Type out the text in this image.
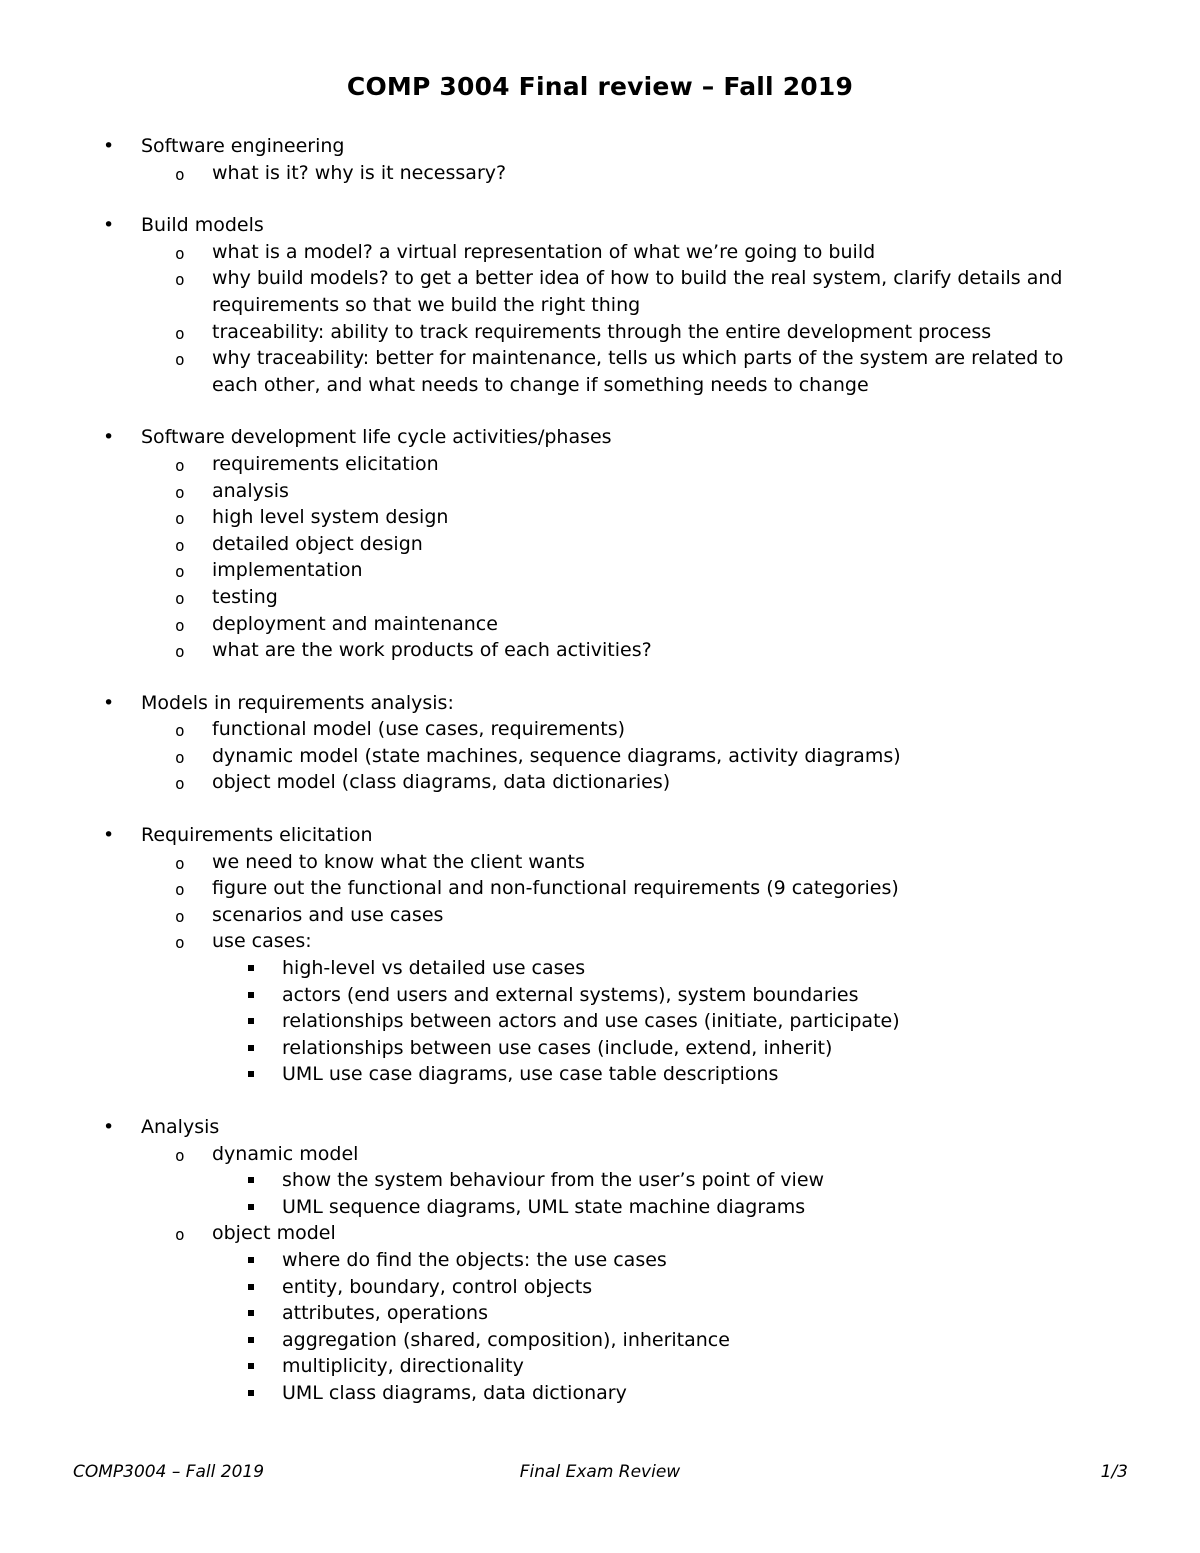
COMP 3004 Final review – Fall 2019
• Software engineering
o what is it? why is it necessary?
• Build models
o what is a model? a virtual representation of what we’re going to build
o why build models? to get a better idea of how to build the real system, clarify details and requirements so that we build the right thing
o traceability: ability to track requirements through the entire development process
o why traceability: better for maintenance, tells us which parts of the system are related to each other, and what needs to change if something needs to change
• Software development life cycle activities/phases
o requirements elicitation
o analysis
o high level system design
o detailed object design
o implementation
o testing
o deployment and maintenance
o what are the work products of each activities?
• Models in requirements analysis:
o functional model (use cases, requirements)
o dynamic model (state machines, sequence diagrams, activity diagrams)
o object model (class diagrams, data dictionaries)
• Requirements elicitation
o we need to know what the client wants
o figure out the functional and non-functional requirements (9 categories)
o scenarios and use cases
o use cases:
high-level vs detailed use cases
actors (end users and external systems), system boundaries
relationships between actors and use cases (initiate, participate)
relationships between use cases (include, extend, inherit)
UML use case diagrams, use case table descriptions
• Analysis
o dynamic model
show the system behaviour from the user’s point of view
UML sequence diagrams, UML state machine diagrams
o object model
where do find the objects: the use cases
entity, boundary, control objects
attributes, operations
aggregation (shared, composition), inheritance
multiplicity, directionality
UML class diagrams, data dictionary
Final Exam Review
COMP3004 – Fall 2019	1/3
